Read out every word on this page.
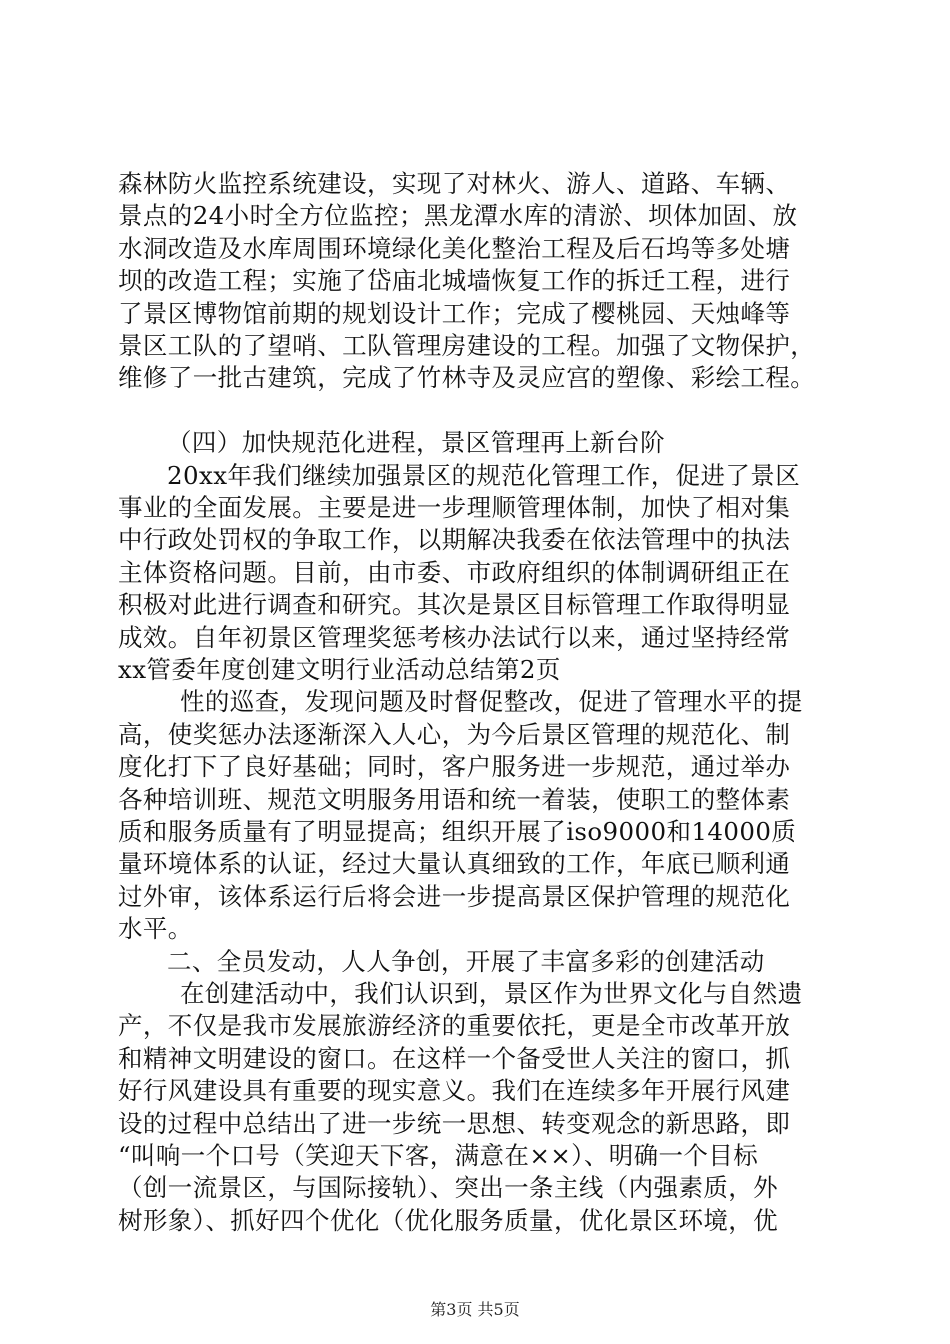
森林防火监控系统建设，实现了对林火、游人、道路、车辆、
景点的24小时全方位监控；黑龙潭水库的清淤、坝体加固、放
水洞改造及水库周围环境绿化美化整治工程及后石坞等多处塘
坝的改造工程；实施了岱庙北城墙恢复工作的拆迁工程，进行
了景区博物馆前期的规划设计工作；完成了樱桃园、天烛峰等
景区工队的了望哨、工队管理房建设的工程。加强了文物保护，
维修了一批古建筑，完成了竹林寺及灵应宫的塑像、彩绘工程。
（四）加快规范化进程，景区管理再上新台阶
20xx年我们继续加强景区的规范化管理工作，促进了景区
事业的全面发展。主要是进一步理顺管理体制，加快了相对集
中行政处罚权的争取工作，以期解决我委在依法管理中的执法
主体资格问题。目前，由市委、市政府组织的体制调研组正在
积极对此进行调查和研究。其次是景区目标管理工作取得明显
成效。自年初景区管理奖惩考核办法试行以来，通过坚持经常
xx管委年度创建文明行业活动总结第2页
性的巡查，发现问题及时督促整改，促进了管理水平的提
高，使奖惩办法逐渐深入人心，为今后景区管理的规范化、制
度化打下了良好基础；同时，客户服务进一步规范，通过举办
各种培训班、规范文明服务用语和统一着装，使职工的整体素
质和服务质量有了明显提高；组织开展了iso9000和14000质
量环境体系的认证，经过大量认真细致的工作，年底已顺利通
过外审，该体系运行后将会进一步提高景区保护管理的规范化
水平。
二、全员发动，人人争创，开展了丰富多彩的创建活动
在创建活动中，我们认识到，景区作为世界文化与自然遗
第3页 共5页
产，不仅是我市发展旅游经济的重要依托，更是全市改革开放
和精神文明建设的窗口。在这样一个备受世人关注的窗口，抓
好行风建设具有重要的现实意义。我们在连续多年开展行风建
设的过程中总结出了进一步统一思想、转变观念的新思路，即
“叫响一个口号（笑迎天下客，满意在××）、明确一个目标
（创一流景区，与国际接轨）、突出一条主线（内强素质，外
树形象）、抓好四个优化（优化服务质量，优化景区环境，优
